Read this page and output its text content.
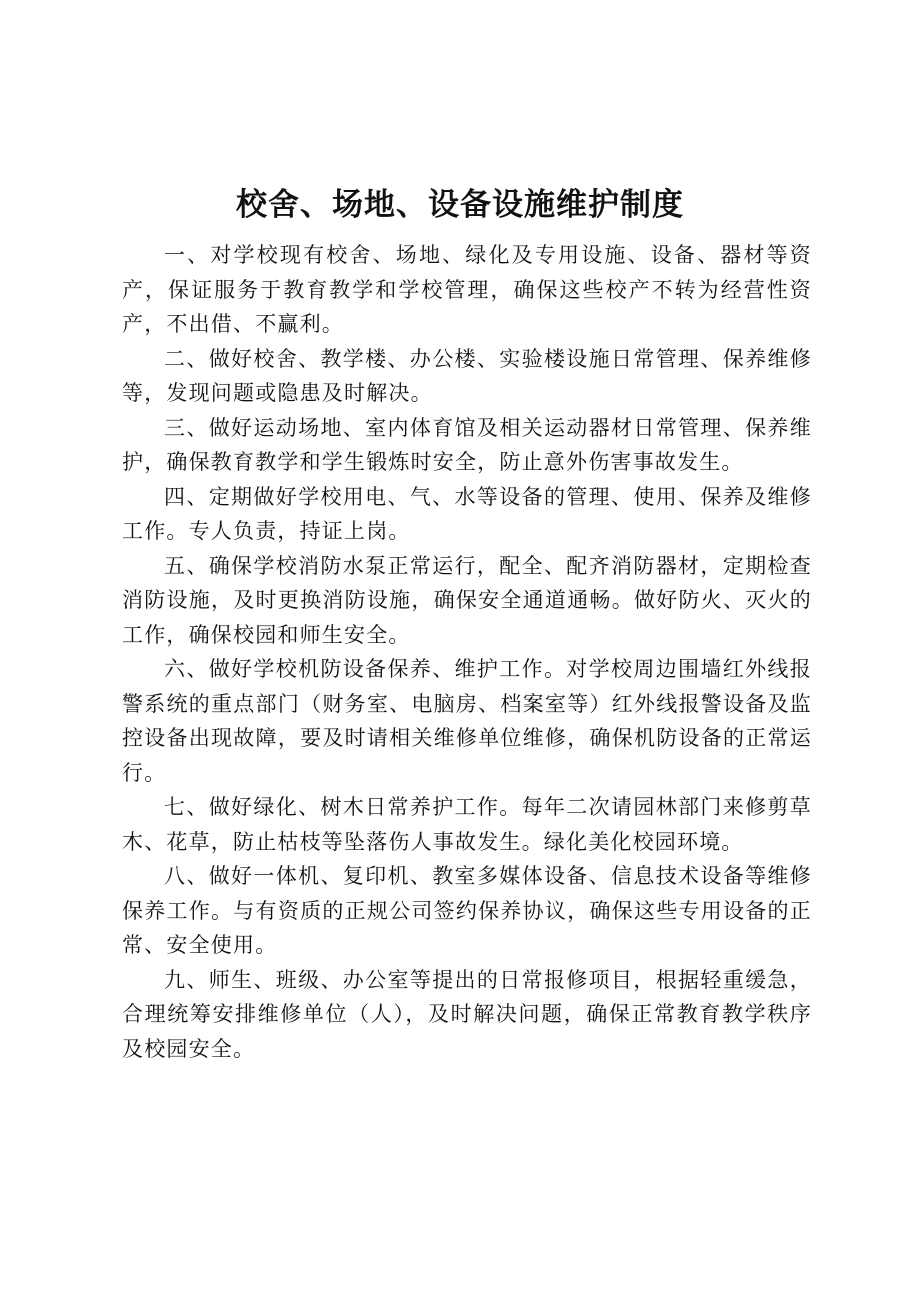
校舍、场地、设备设施维护制度

一、对学校现有校舍、场地、绿化及专用设施、设备、器材等资产，保证服务于教育教学和学校管理，确保这些校产不转为经营性资产，不出借、不赢利。

二、做好校舍、教学楼、办公楼、实验楼设施日常管理、保养维修等，发现问题或隐患及时解决。

三、做好运动场地、室内体育馆及相关运动器材日常管理、保养维护，确保教育教学和学生锻炼时安全，防止意外伤害事故发生。

四、定期做好学校用电、气、水等设备的管理、使用、保养及维修工作。专人负责，持证上岗。

五、确保学校消防水泵正常运行，配全、配齐消防器材，定期检查消防设施，及时更换消防设施，确保安全通道通畅。做好防火、灭火的工作，确保校园和师生安全。

六、做好学校机防设备保养、维护工作。对学校周边围墙红外线报警系统的重点部门（财务室、电脑房、档案室等）红外线报警设备及监控设备出现故障，要及时请相关维修单位维修，确保机防设备的正常运行。

七、做好绿化、树木日常养护工作。每年二次请园林部门来修剪草木、花草，防止枯枝等坠落伤人事故发生。绿化美化校园环境。

八、做好一体机、复印机、教室多媒体设备、信息技术设备等维修保养工作。与有资质的正规公司签约保养协议，确保这些专用设备的正常、安全使用。

九、师生、班级、办公室等提出的日常报修项目，根据轻重缓急，合理统筹安排维修单位（人），及时解决问题，确保正常教育教学秩序及校园安全。
